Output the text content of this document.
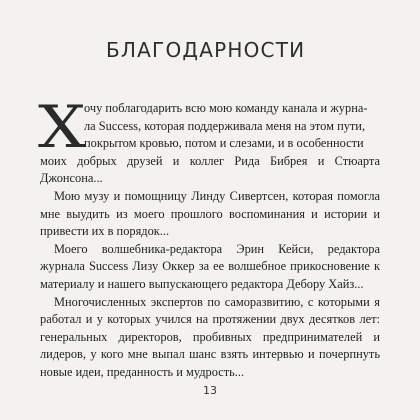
БЛАГОДАРНОСТИ

Х
очу поблагодарить всю мою команду канала и журна-
ла Success, которая поддерживала меня на этом пути,
покрытом кровью, потом и слезами, и в особенности
моих добрых друзей и коллег Рида Бибрея и Стюарта Джонсона...

Мою музу и помощницу Линду Сивертсен, которая помогла мне выудить из моего прошлого воспоминания и истории и привести их в порядок...

Моего волшебника-редактора Эрин Кейси, редактора журнала Success Лизу Оккер за ее волшебное прикосновение к материалу и нашего выпускающего редактора Дебору Хайз...

Многочисленных экспертов по саморазвитию, с которыми я работал и у которых учился на протяжении двух десятков лет: генеральных директоров, пробивных предпринимателей и лидеров, у кого мне выпал шанс взять интервью и почерпнуть новые идеи, преданность и мудрость...

13
